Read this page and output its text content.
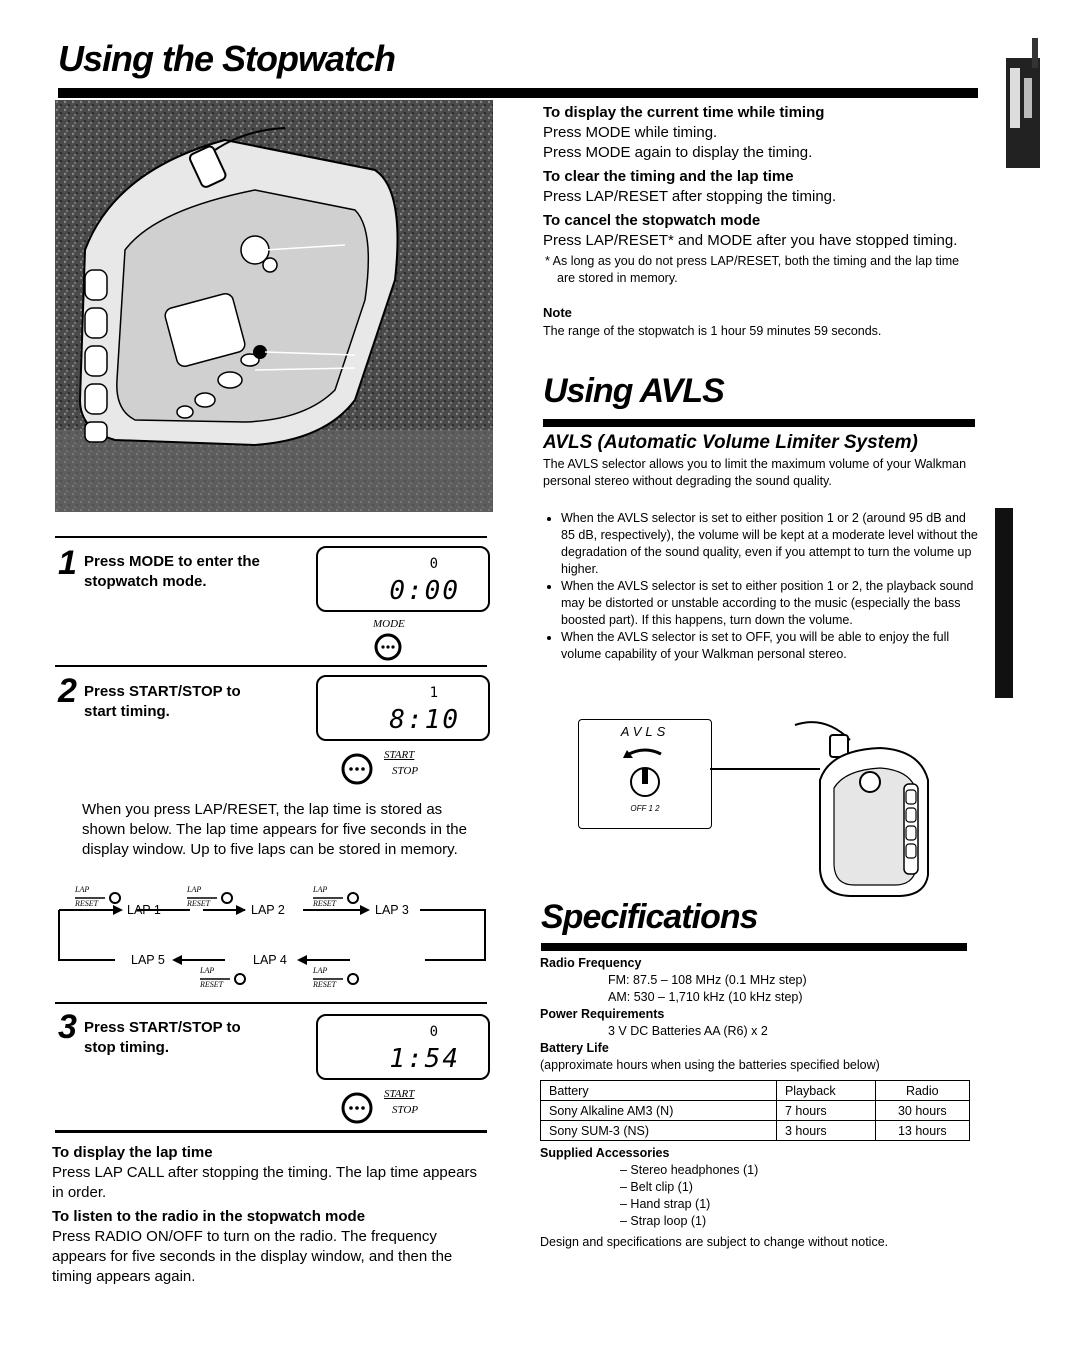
Using the Stopwatch
1 Press MODE to enter the stopwatch mode.
0
0:00
MODE
2 Press START/STOP to start timing.
1
8:10
START
STOP
When you press LAP/RESET, the lap time is stored as shown below. The lap time appears for five seconds in the display window. Up to five laps can be stored in memory.
LAP
RESET
LAP
RESET
LAP
RESET
LAP
RESET
LAP
RESET
LAP 1	LAP 2	LAP 3
LAP 4
LAP 5
3 Press START/STOP to stop timing.
0
1:54
START
STOP
To display the lap time
Press LAP CALL after stopping the timing. The lap time appears in order.
To listen to the radio in the stopwatch mode
Press RADIO ON/OFF to turn on the radio. The frequency appears for five seconds in the display window, and then the timing appears again.
To display the current time while timing
Press MODE while timing.
Press MODE again to display the timing.
To clear the timing and the lap time
Press LAP/RESET after stopping the timing.
To cancel the stopwatch mode
Press LAP/RESET* and MODE after you have stopped timing.
* As long as you do not press LAP/RESET, both the timing and the lap time are stored in memory.
Note
The range of the stopwatch is 1 hour 59 minutes 59 seconds.
Using AVLS
AVLS (Automatic Volume Limiter System)
The AVLS selector allows you to limit the maximum volume of your Walkman personal stereo without degrading the sound quality.
• When the AVLS selector is set to either position 1 or 2 (around 95 dB and 85 dB, respectively), the volume will be kept at a moderate level without the degradation of the sound quality, even if you attempt to turn the volume up higher.
• When the AVLS selector is set to either position 1 or 2, the playback sound may be distorted or unstable according to the music (especially the bass boosted part). If this happens, turn down the volume.
• When the AVLS selector is set to OFF, you will be able to enjoy the full volume capability of your Walkman personal stereo.
AVLS
OFF 1 2
Specifications
Radio Frequency
FM: 87.5 – 108 MHz (0.1 MHz step)
AM: 530 – 1,710 kHz (10 kHz step)
Power Requirements
3 V DC Batteries AA (R6) x 2
Battery Life
(approximate hours when using the batteries specified below)
Battery	Playback	Radio
Sony Alkaline AM3 (N)	7 hours	30 hours
Sony SUM-3 (NS)	3 hours	13 hours
Supplied Accessories
– Stereo headphones (1)
– Belt clip (1)
– Hand strap (1)
– Strap loop (1)
Design and specifications are subject to change without notice.
